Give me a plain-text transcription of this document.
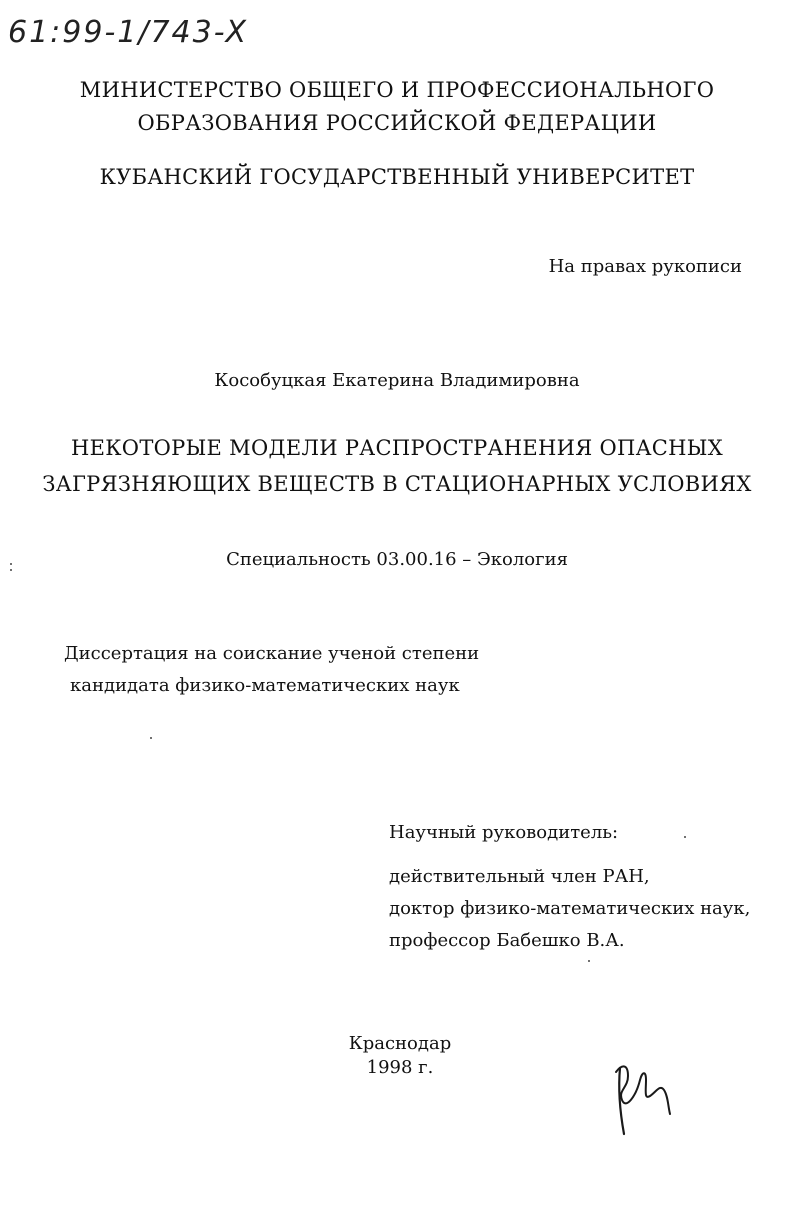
61:99-1/743-X
МИНИСТЕРСТВО ОБЩЕГО И ПРОФЕССИОНАЛЬНОГО
ОБРАЗОВАНИЯ РОССИЙСКОЙ ФЕДЕРАЦИИ
КУБАНСКИЙ ГОСУДАРСТВЕННЫЙ УНИВЕРСИТЕТ
На правах рукописи
Кособуцкая Екатерина Владимировна
НЕКОТОРЫЕ МОДЕЛИ РАСПРОСТРАНЕНИЯ ОПАСНЫХ
ЗАГРЯЗНЯЮЩИХ ВЕЩЕСТВ В СТАЦИОНАРНЫХ УСЛОВИЯХ
Специальность 03.00.16 – Экология
Диссертация на соискание ученой степени
кандидата физико-математических наук
Научный руководитель:
действительный член РАН,
доктор физико-математических наук,
профессор Бабешко В.А.
Краснодар
1998 г.
